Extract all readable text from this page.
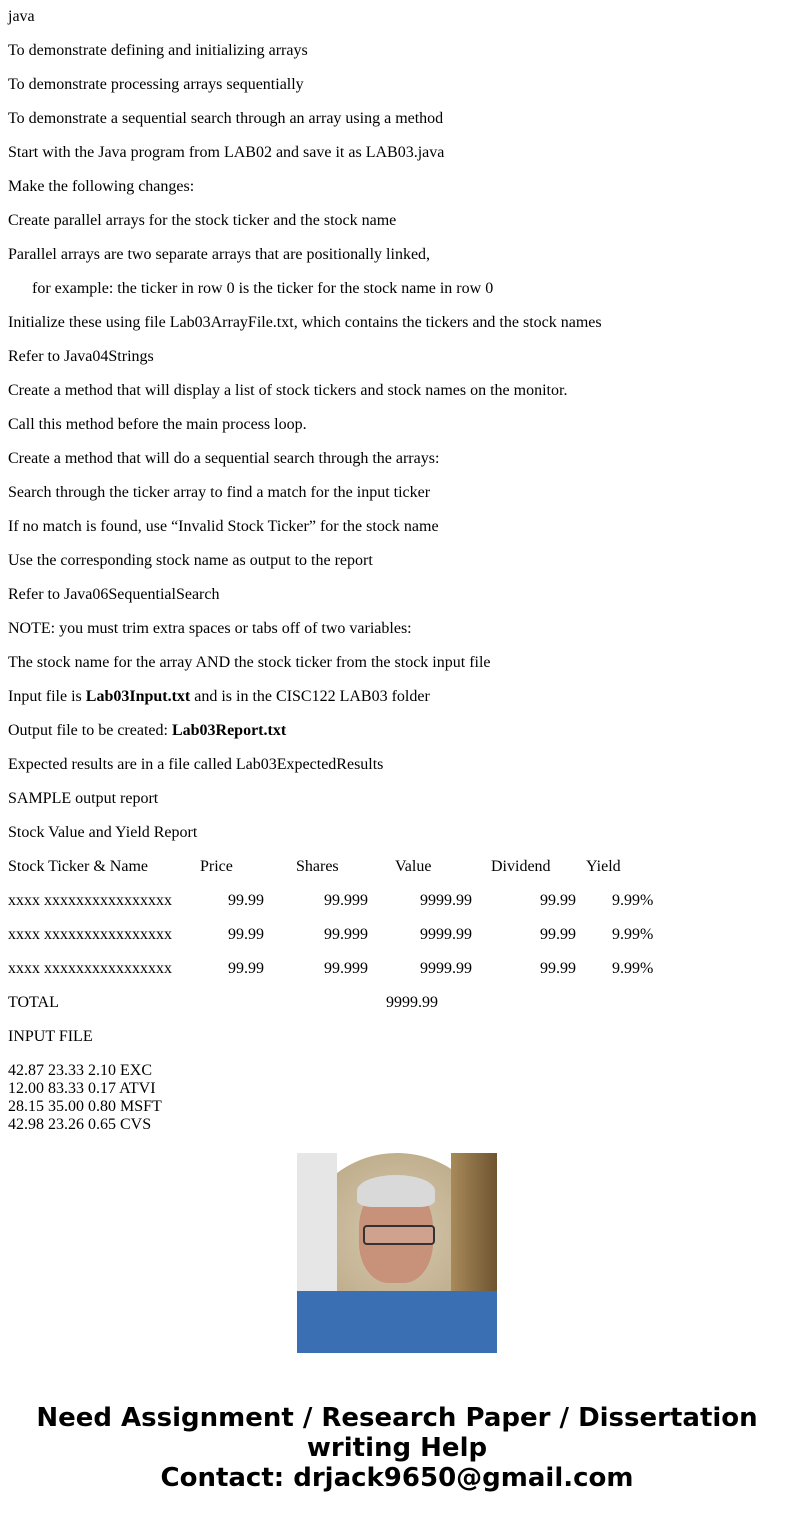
java
To demonstrate defining and initializing arrays
To demonstrate processing arrays sequentially
To demonstrate a sequential search through an array using a method
Start with the Java program from LAB02 and save it as LAB03.java
Make the following changes:
Create parallel arrays for the stock ticker and the stock name
Parallel arrays are two separate arrays that are positionally linked,
for example: the ticker in row 0 is the ticker for the stock name in row 0
Initialize these using file Lab03ArrayFile.txt, which contains the tickers and the stock names
Refer to Java04Strings
Create a method that will display a list of stock tickers and stock names on the monitor.
Call this method before the main process loop.
Create a method that will do a sequential search through the arrays:
Search through the ticker array to find a match for the input ticker
If no match is found, use “Invalid Stock Ticker” for the stock name
Use the corresponding stock name as output to the report
Refer to Java06SequentialSearch
NOTE: you must trim extra spaces or tabs off of two variables:
The stock name for the array AND the stock ticker from the stock input file
Input file is Lab03Input.txt and is in the CISC122 LAB03 folder
Output file to be created: Lab03Report.txt
Expected results are in a file called Lab03ExpectedResults
SAMPLE output report
Stock Value and Yield Report
Stock Ticker & Name	Price	Shares	Value	Dividend Yield
xxxx xxxxxxxxxxxxxxxx	99.99	99.999	9999.99	99.99 9.99%
xxxx xxxxxxxxxxxxxxxx	99.99	99.999	9999.99	99.99 9.99%
xxxx xxxxxxxxxxxxxxxx	99.99	99.999	9999.99	99.99 9.99%
TOTAL	9999.99
INPUT FILE
42.87 23.33 2.10 EXC
12.00 83.33 0.17 ATVI
28.15 35.00 0.80 MSFT
42.98 23.26 0.65 CVS
Need Assignment / Research Paper / Dissertation
writing Help
Contact: drjack9650@gmail.com
